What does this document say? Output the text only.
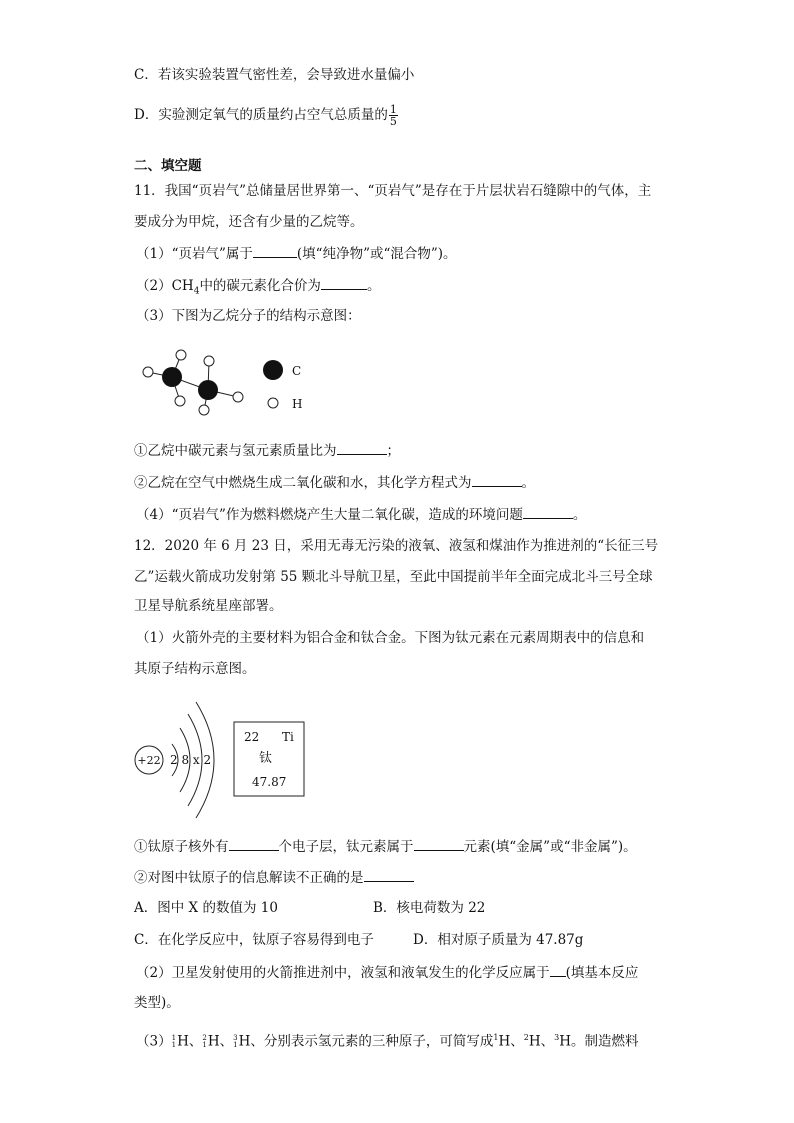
C．若该实验装置气密性差，会导致进水量偏小
D．实验测定氧气的质量约占空气总质量的 $\frac{1}{5}$
二、填空题
11．我国“页岩气”总储量居世界第一、“页岩气”是存在于片层状岩石缝隙中的气体，主
要成分为甲烷，还含有少量的乙烷等。
（1）“页岩气”属于	(填“纯净物”或“混合物”)。
$(2)CH_4$中的碳元素化合价为	。
（3）下图为乙烷分子的结构示意图：
C
H
①乙烷中碳元素与氢元素质量比为	；
②乙烷在空气中燃烧生成二氧化碳和水，其化学方程式为	。
（4）“页岩气”作为燃料燃烧产生大量二氧化碳，造成的环境问题	。
12．2020 年 6 月 23 日，采用无毒无污染的液氧、液氢和煤油作为推进剂的“长征三号
乙”运载火箭成功发射第 55 颗北斗导航卫星，至此中国提前半年全面完成北斗三号全球
卫星导航系统星座部署。
（1）火箭外壳的主要材料为铝合金和钛合金。下图为钛元素在元素周期表中的信息和
其原子结构示意图。
+22 2 8 x 2
22 Ti
钛
47.87
①钛原子核外有	个电子层，钛元素属于	元素(填“金属”或“非金属”)。
②对图中钛原子的信息解读不正确的是
A．图中 X 的数值为 10	B．核电荷数为 22
C．在化学反应中，钛原子容易得到电子	D．相对原子质量为 47.87g
（2）卫星发射使用的火箭推进剂中，液氢和液氧发生的化学反应属于 (填基本反应
类型)。
（3） 1
1 H、 2
1 H、 3
1 H、分别表示氢元素的三种原子，可简写成$^1$H、$^2$H、$^3$H。制造燃料
